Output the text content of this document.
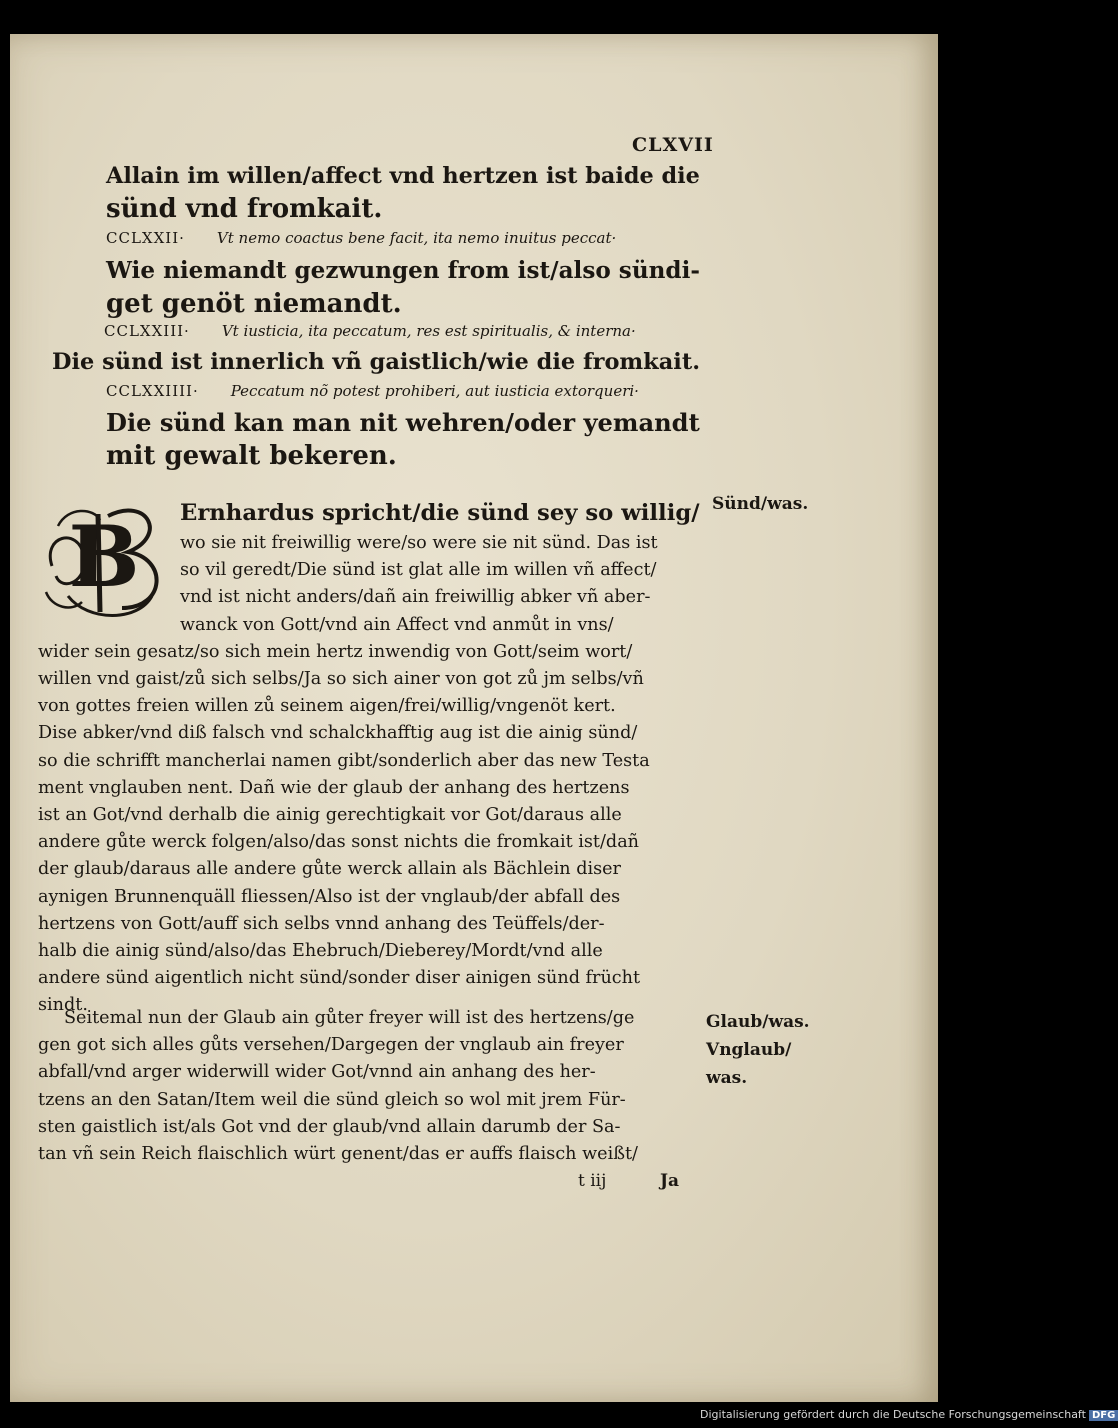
CLXVII
Allain im willen/affect vnd hertzen ist baide die
sünd vnd fromkait.
CCLXXII· Vt nemo coactus bene facit, ita nemo inuitus peccat·
Wie niemandt gezwungen from ist/also sündi-
get genöt niemandt.
CCLXXIII· Vt iusticia, ita peccatum, res est spiritualis, & interna·
Die sünd ist innerlich vñ gaistlich/wie die fromkait.
CCLXXIIII· Peccatum nõ potest prohiberi, aut iusticia extorqueri·
Die sünd kan man nit wehren/oder yemandt
mit gewalt bekeren.
B Ernhardus spricht/die sünd sey so willig/
wo sie nit freiwillig were/so were sie nit sünd. Das ist
so vil geredt/Die sünd ist glat alle im willen vñ affect/
vnd ist nicht anders/dañ ain freiwillig abker vñ aber-
wanck von Gott/vnd ain Affect vnd anmůt in vns/
wider sein gesatz/so sich mein hertz inwendig von Gott/seim wort/
willen vnd gaist/zů sich selbs/Ja so sich ainer von got zů jm selbs/vñ
von gottes freien willen zů seinem aigen/frei/willig/vngenöt kert.
Dise abker/vnd diß falsch vnd schalckhafftig aug ist die ainig sünd/
so die schrifft mancherlai namen gibt/sonderlich aber das new Testa
ment vnglauben nent. Dañ wie der glaub der anhang des hertzens
ist an Got/vnd derhalb die ainig gerechtigkait vor Got/daraus alle
andere gůte werck folgen/also/das sonst nichts die fromkait ist/dañ
der glaub/daraus alle andere gůte werck allain als Bächlein diser
aynigen Brunnenquäll fliessen/Also ist der vnglaub/der abfall des
hertzens von Gott/auff sich selbs vnnd anhang des Teüffels/der-
halb die ainig sünd/also/das Ehebruch/Dieberey/Mordt/vnd alle
andere sünd aigentlich nicht sünd/sonder diser ainigen sünd frücht
sindt.
Seitemal nun der Glaub ain gůter freyer will ist des hertzens/ge
gen got sich alles gůts versehen/Dargegen der vnglaub ain freyer
abfall/vnd arger widerwill wider Got/vnnd ain anhang des her-
tzens an den Satan/Item weil die sünd gleich so wol mit jrem Für-
sten gaistlich ist/als Got vnd der glaub/vnd allain darumb der Sa-
tan vñ sein Reich flaischlich würt genent/das er auffs flaisch weißt/
Sünd/was.
Glaub/was.
Vnglaub/
was.
t iij	Ja
Digitalisierung gefördert durch die Deutsche Forschungsgemeinschaft DFG
